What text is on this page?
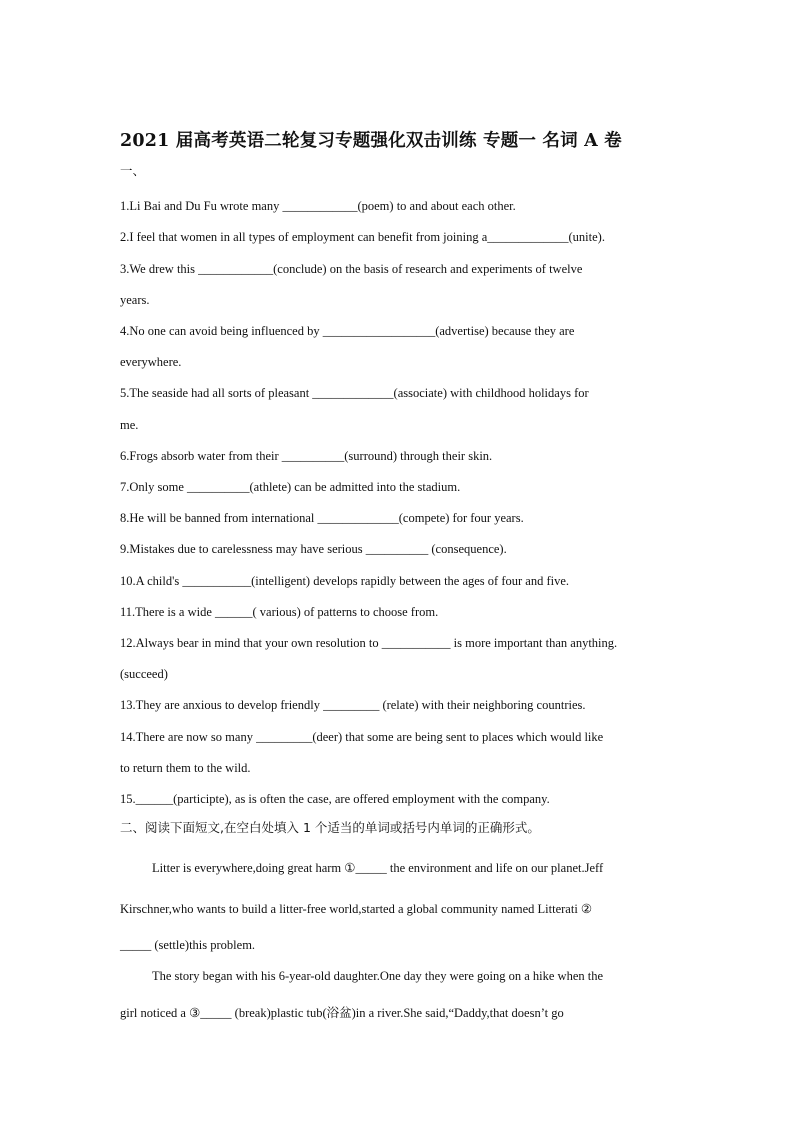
2021 届高考英语二轮复习专题强化双击训练 专题一 名词 A 卷
一、
1.Li Bai and Du Fu wrote many ____________(poem) to and about each other.
2.I feel that women in all types of employment can benefit from joining a_____________(unite).
3.We drew this ____________(conclude) on the basis of research and experiments of twelve
years.
4.No one can avoid being influenced by __________________(advertise) because they are
everywhere.
5.The seaside had all sorts of pleasant _____________(associate) with childhood holidays for
me.
6.Frogs absorb water from their __________(surround) through their skin.
7.Only some __________(athlete) can be admitted into the stadium.
8.He will be banned from international _____________(compete) for four years.
9.Mistakes due to carelessness may have serious __________ (consequence).
10.A child's ___________(intelligent) develops rapidly between the ages of four and five.
11.There is a wide ______( various) of patterns to choose from.
12.Always bear in mind that your own resolution to ___________ is more important than anything.
(succeed)
13.They are anxious to develop friendly _________ (relate) with their neighboring countries.
14.There are now so many _________(deer) that some are being sent to places which would like
to return them to the wild.
15.______(participte), as is often the case, are offered employment with the company.
二、阅读下面短文,在空白处填入 1 个适当的单词或括号内单词的正确形式。
Litter is everywhere,doing great harm ①_____ the environment and life on our planet.Jeff
Kirschner,who wants to build a litter-free world,started a global community named Litterati ②
_____ (settle)this problem.
The story began with his 6-year-old daughter.One day they were going on a hike when the
girl noticed a ③_____ (break)plastic tub(浴盆)in a river.She said,“Daddy,that doesn’t go
